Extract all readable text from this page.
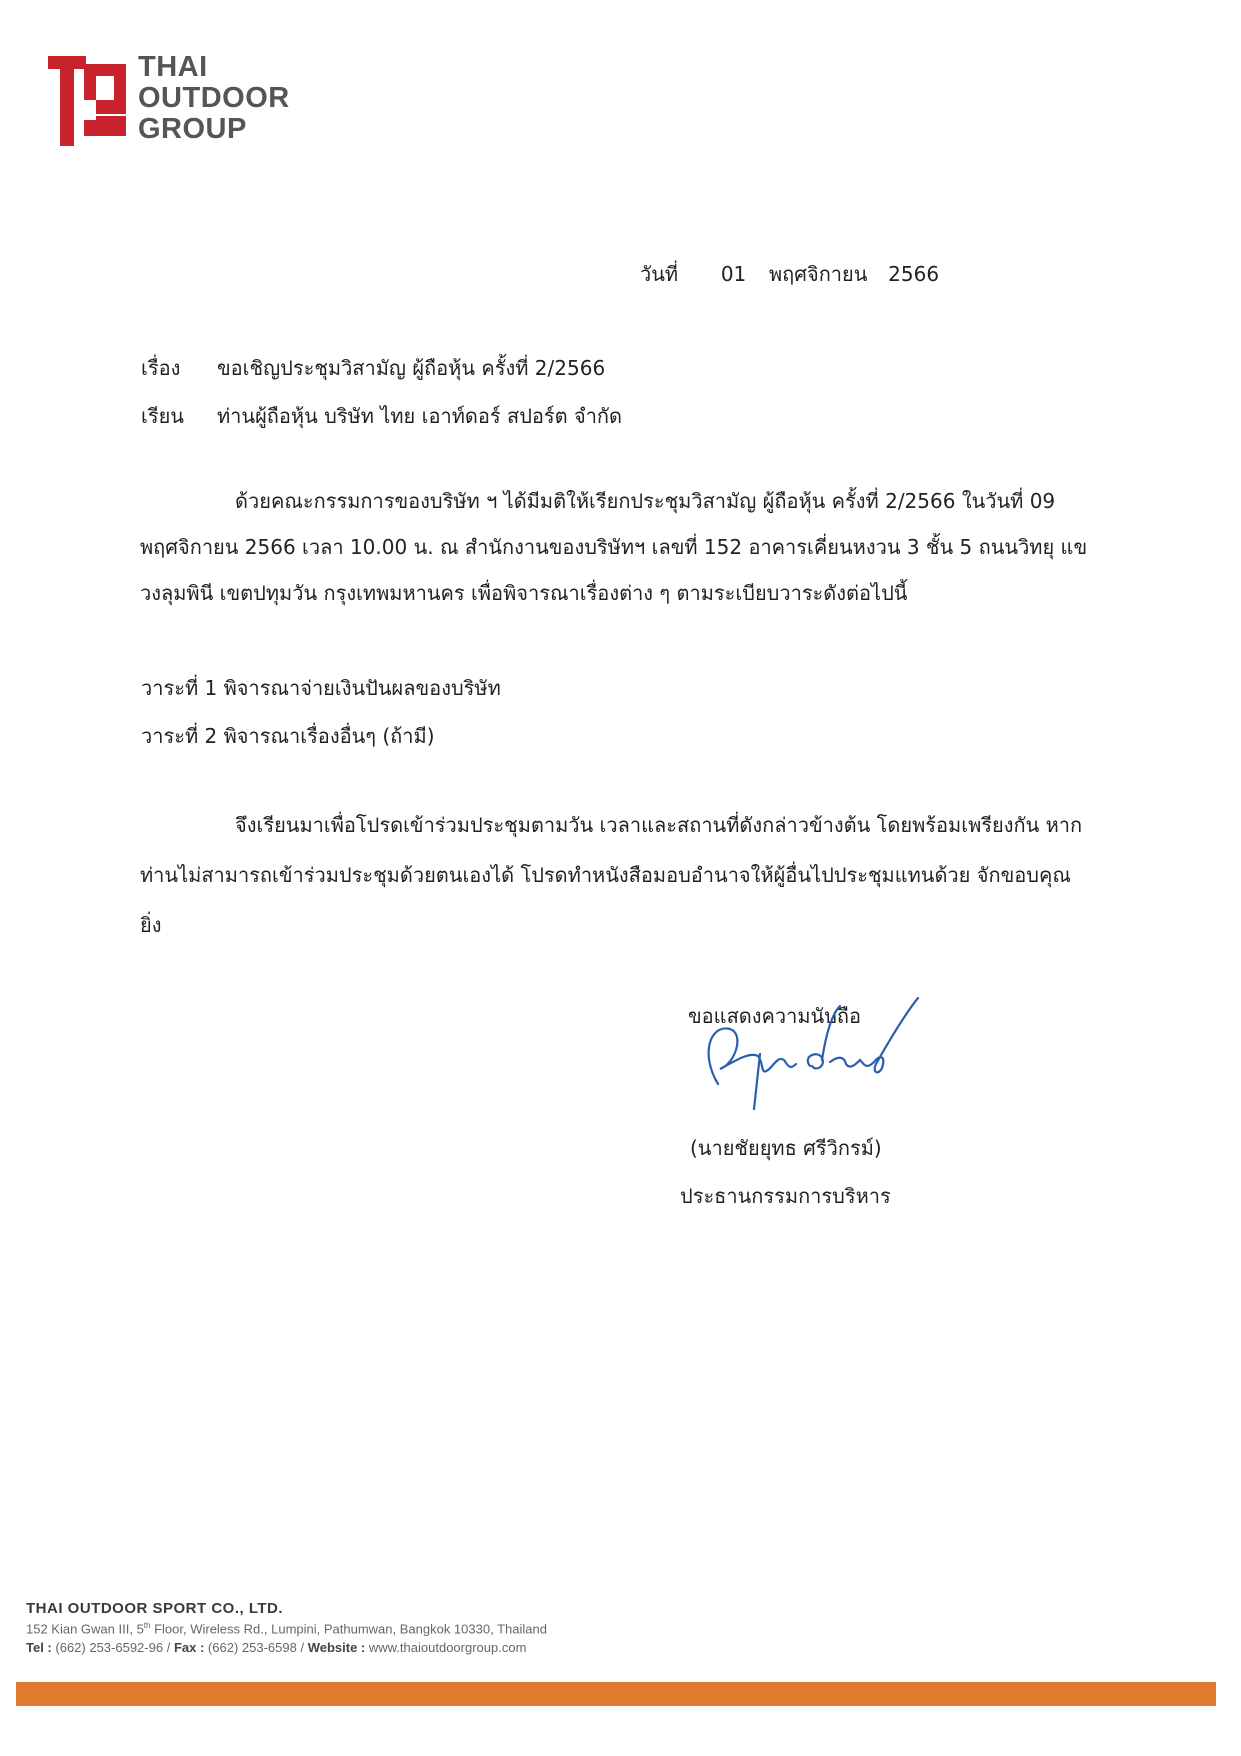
THAI
OUTDOOR
GROUP
วันที่ 01 พฤศจิกายน 2566
เรื่อง ขอเชิญประชุมวิสามัญ ผู้ถือหุ้น ครั้งที่ 2/2566
เรียน ท่านผู้ถือหุ้น บริษัท ไทย เอาท์ดอร์ สปอร์ต จำกัด
ด้วยคณะกรรมการของบริษัท ฯ ได้มีมติให้เรียกประชุมวิสามัญ ผู้ถือหุ้น ครั้งที่ 2/2566 ในวันที่ 09 พฤศจิกายน 2566 เวลา 10.00 น. ณ สำนักงานของบริษัทฯ เลขที่ 152 อาคารเคี่ยนหงวน 3 ชั้น 5 ถนนวิทยุ แขวงลุมพินี เขตปทุมวัน กรุงเทพมหานคร เพื่อพิจารณาเรื่องต่าง ๆ ตามระเบียบวาระดังต่อไปนี้
วาระที่ 1 พิจารณาจ่ายเงินปันผลของบริษัท
วาระที่ 2 พิจารณาเรื่องอื่นๆ (ถ้ามี)
จึงเรียนมาเพื่อโปรดเข้าร่วมประชุมตามวัน เวลาและสถานที่ดังกล่าวข้างต้น โดยพร้อมเพรียงกัน หากท่านไม่สามารถเข้าร่วมประชุมด้วยตนเองได้ โปรดทำหนังสือมอบอำนาจให้ผู้อื่นไปประชุมแทนด้วย จักขอบคุณยิ่ง
ขอแสดงความนับถือ
(นายชัยยุทธ ศรีวิกรม์)
ประธานกรรมการบริหาร
THAI OUTDOOR SPORT CO., LTD.
152 Kian Gwan III, 5th Floor, Wireless Rd., Lumpini, Pathumwan, Bangkok 10330, Thailand
Tel : (662) 253-6592-96 / Fax : (662) 253-6598 / Website : www.thaioutdoorgroup.com
